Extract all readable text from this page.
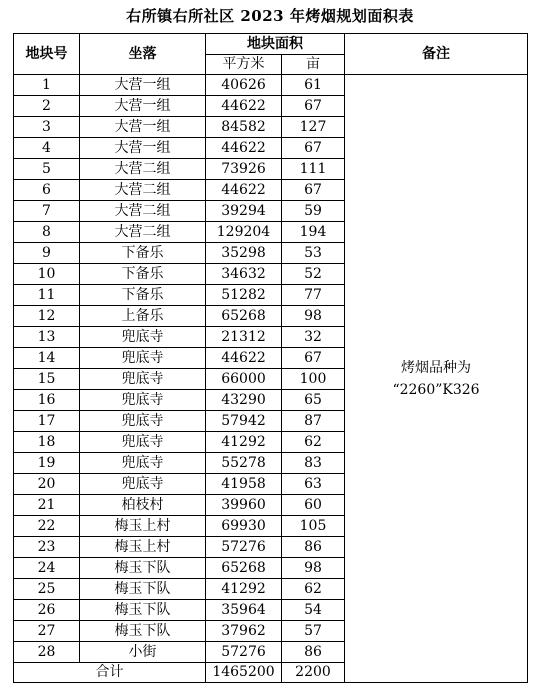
右所镇右所社区 2023 年烤烟规划面积表
地块号	坐落	地块面积		备注
		平方米	亩	
1	大营一组	40626	61	烤烟品种为
“2260”K326

2	大营一组	44622	67	
3	大营一组	84582	127	
4	大营一组	44622	67	
5	大营二组	73926	111	
6	大营二组	44622	67	
7	大营二组	39294	59	
8	大营二组	129204	194	
9	下备乐	35298	53	
10	下备乐	34632	52	
11	下备乐	51282	77	
12	上备乐	65268	98	
13	兜底寺	21312	32	
14	兜底寺	44622	67	
15	兜底寺	66000	100	
16	兜底寺	43290	65	
17	兜底寺	57942	87	
18	兜底寺	41292	62	
19	兜底寺	55278	83	
20	兜底寺	41958	63	
21	柏枝村	39960	60	
22	梅玉上村	69930	105	
23	梅玉上村	57276	86	
24	梅玉下队	65268	98	
25	梅玉下队	41292	62	
26	梅玉下队	35964	54	
27	梅玉下队	37962	57	
28	小街	57276	86	
合计		1465200	2200	
